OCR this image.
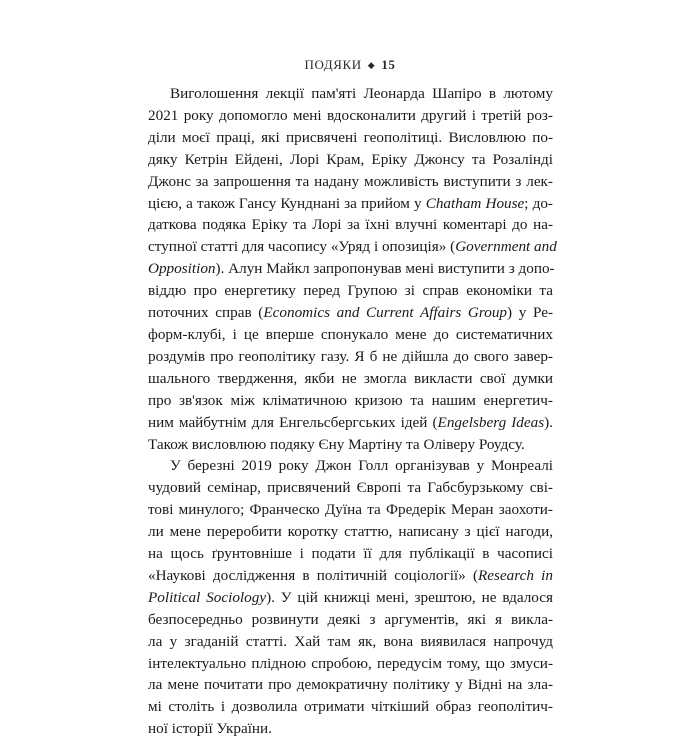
ПОДЯКИ ◆ 15
Виголошення лекції пам'яті Леонарда Шапіро в лютому
2021 року допомогло мені вдосконалити другий і третій роз-
діли моєї праці, які присвячені геополітиці. Висловлюю по-
дяку Кетрін Ейдені, Лорі Крам, Еріку Джонсу та Розалінді
Джонс за запрошення та надану можливість виступити з лек-
цією, а також Гансу Кунднані за прийом у Chatham House; до-
даткова подяка Еріку та Лорі за їхні влучні коментарі до на-
ступної статті для часопису «Уряд і опозиція» (Government and
Opposition). Алун Майкл запропонував мені виступити з допо-
віддю про енергетику перед Групою зі справ економіки та
поточних справ (Economics and Current Affairs Group) у Ре-
форм-клубі, і це вперше спонукало мене до систематичних
роздумів про геополітику газу. Я б не дійшла до свого завер-
шального твердження, якби не змогла викласти свої думки
про зв'язок між кліматичною кризою та нашим енергетич-
ним майбутнім для Енгельсбергських ідей (Engelsberg Ideas).
Також висловлюю подяку Єну Мартіну та Оліверу Роудсу.
У березні 2019 року Джон Голл організував у Монреалі
чудовий семінар, присвячений Європі та Габсбурзькому сві-
тові минулого; Франческо Дуїна та Фредерік Меран заохоти-
ли мене переробити коротку статтю, написану з цієї нагоди,
на щось ґрунтовніше і подати її для публікації в часописі
«Наукові дослідження в політичній соціології» (Research in
Political Sociology). У цій книжці мені, зрештою, не вдалося
безпосередньо розвинути деякі з аргументів, які я викла-
ла у згаданій статті. Хай там як, вона виявилася напрочуд
інтелектуально плідною спробою, передусім тому, що змуси-
ла мене почитати про демократичну політику у Відні на зла-
мі століть і дозволила отримати чіткіший образ геополітич-
ної історії України.
